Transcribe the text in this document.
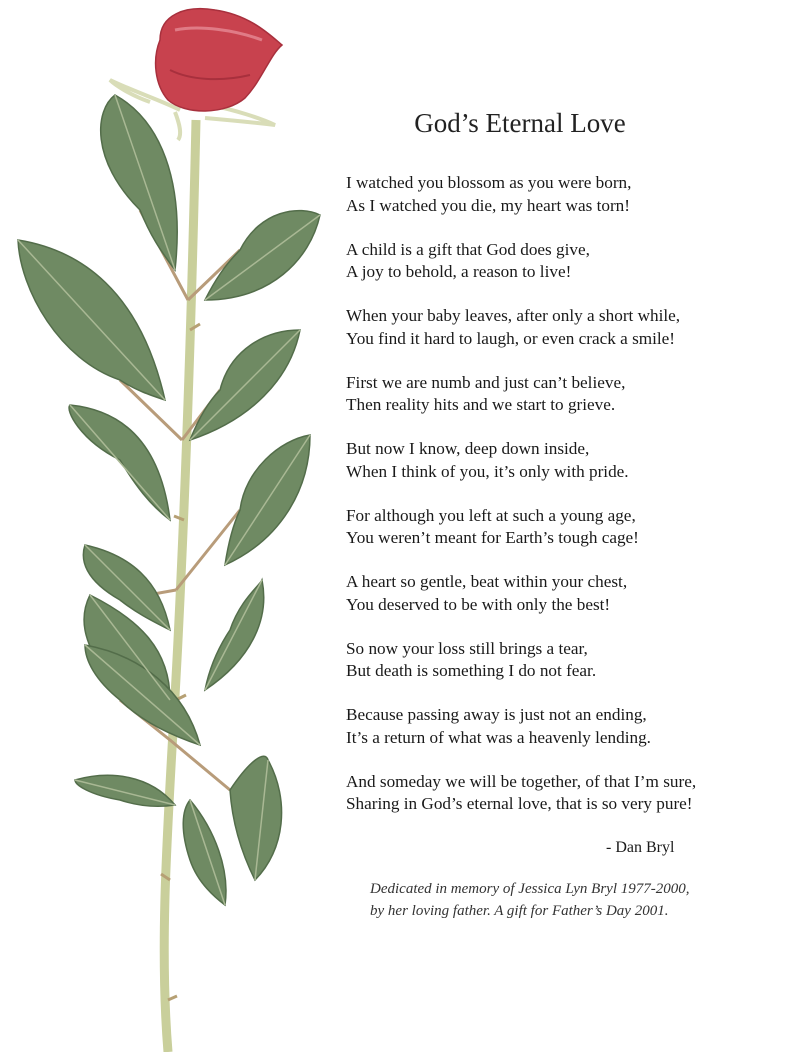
God’s Eternal Love
I watched you blossom as you were born,
As I watched you die, my heart was torn!
A child is a gift that God does give,
A joy to behold, a reason to live!
When your baby leaves, after only a short while,
You find it hard to laugh, or even crack a smile!
First we are numb and just can’t believe,
Then reality hits and we start to grieve.
But now I know, deep down inside,
When I think of you, it’s only with pride.
For although you left at such a young age,
You weren’t meant for Earth’s tough cage!
A heart so gentle, beat within your chest,
You deserved to be with only the best!
So now your loss still brings a tear,
But death is something I do not fear.
Because passing away is just not an ending,
It’s a return of what was a heavenly lending.
And someday we will be together, of that I’m sure,
Sharing in God’s eternal love, that is so very pure!
- Dan Bryl
Dedicated in memory of Jessica Lyn Bryl 1977-2000,
by her loving father. A gift for Father’s Day 2001.
